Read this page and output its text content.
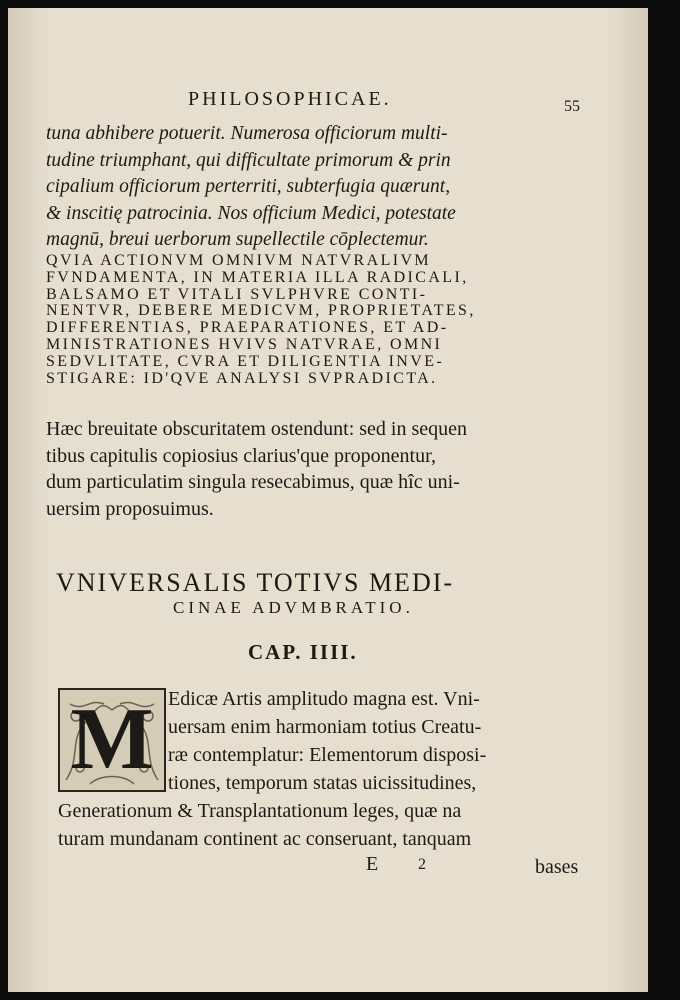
PHILOSOPHICAE.	55
tuna abhibere potuerit. Numerosa officiorum multi-
tudine triumphant, qui difficultate primorum & prin
cipalium officiorum perterriti, subterfugia quærunt,
& inscitię patrocinia. Nos officium Medici, potestate
magnū, breui uerborum supellectile cōplectemur.
QVIA ACTIONVM OMNIVM NATVRALIVM
FVNDAMENTA, IN MATERIA ILLA RADICALI,
BALSAMO ET VITALI SVLPHVRE CONTI-
NENTVR, DEBERE MEDICVM, PROPRIETATES,
DIFFERENTIAS, PRAEPARATIONES, ET AD-
MINISTRATIONES HVIVS NATVRAE, OMNI
SEDVLITATE, CVRA ET DILIGENTIA INVE-
STIGARE: ID'QVE ANALYSI SVPRADICTA.
Hæc breuitate obscuritatem ostendunt: sed in sequen
tibus capitulis copiosius clarius'que proponentur,
dum particulatim singula resecabimus, quæ hîc uni-
uersim proposuimus.
VNIVERSALIS TOTIVS MEDI-
CINAE ADVMBRATIO.
CAP. IIII.
M Edicæ Artis amplitudo magna est. Vni-
uersam enim harmoniam totius Creatu-
ræ contemplatur: Elementorum disposi-
tiones, temporum statas uicissitudines,
Generationum & Transplantationum leges, quæ na
turam mundanam continent ac conseruant, tanquam
E 2	bases
